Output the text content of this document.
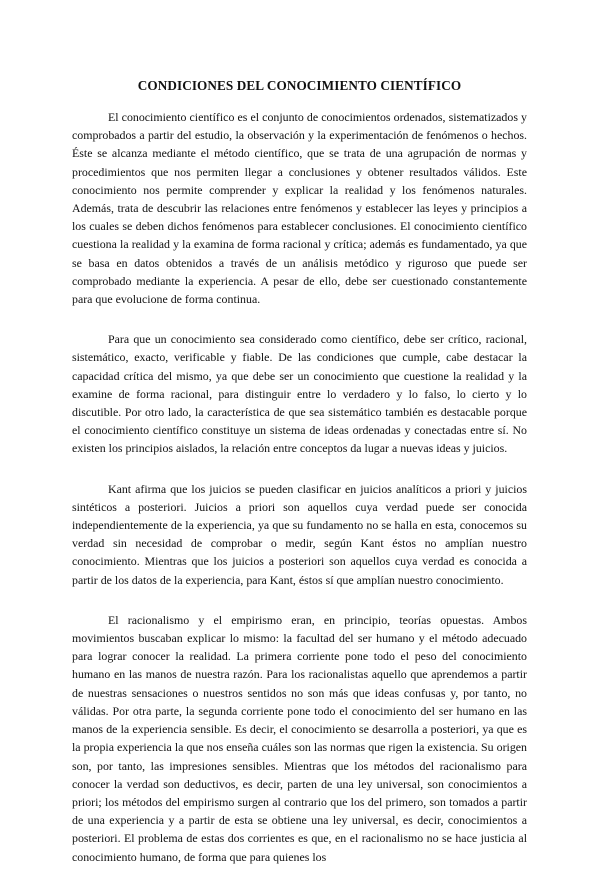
CONDICIONES DEL CONOCIMIENTO CIENTÍFICO

El conocimiento científico es el conjunto de conocimientos ordenados, sistematizados y comprobados a partir del estudio, la observación y la experimentación de fenómenos o hechos. Éste se alcanza mediante el método científico, que se trata de una agrupación de normas y procedimientos que nos permiten llegar a conclusiones y obtener resultados válidos. Este conocimiento nos permite comprender y explicar la realidad y los fenómenos naturales. Además, trata de descubrir las relaciones entre fenómenos y establecer las leyes y principios a los cuales se deben dichos fenómenos para establecer conclusiones. El conocimiento científico cuestiona la realidad y la examina de forma racional y crítica; además es fundamentado, ya que se basa en datos obtenidos a través de un análisis metódico y riguroso que puede ser comprobado mediante la experiencia. A pesar de ello, debe ser cuestionado constantemente para que evolucione de forma continua.

Para que un conocimiento sea considerado como científico, debe ser crítico, racional, sistemático, exacto, verificable y fiable. De las condiciones que cumple, cabe destacar la capacidad crítica del mismo, ya que debe ser un conocimiento que cuestione la realidad y la examine de forma racional, para distinguir entre lo verdadero y lo falso, lo cierto y lo discutible. Por otro lado, la característica de que sea sistemático también es destacable porque el conocimiento científico constituye un sistema de ideas ordenadas y conectadas entre sí. No existen los principios aislados, la relación entre conceptos da lugar a nuevas ideas y juicios.

Kant afirma que los juicios se pueden clasificar en juicios analíticos a priori y juicios sintéticos a posteriori. Juicios a priori son aquellos cuya verdad puede ser conocida independientemente de la experiencia, ya que su fundamento no se halla en esta, conocemos su verdad sin necesidad de comprobar o medir, según Kant éstos no amplían nuestro conocimiento. Mientras que los juicios a posteriori son aquellos cuya verdad es conocida a partir de los datos de la experiencia, para Kant, éstos sí que amplían nuestro conocimiento.

El racionalismo y el empirismo eran, en principio, teorías opuestas. Ambos movimientos buscaban explicar lo mismo: la facultad del ser humano y el método adecuado para lograr conocer la realidad. La primera corriente pone todo el peso del conocimiento humano en las manos de nuestra razón. Para los racionalistas aquello que aprendemos a partir de nuestras sensaciones o nuestros sentidos no son más que ideas confusas y, por tanto, no válidas. Por otra parte, la segunda corriente pone todo el conocimiento del ser humano en las manos de la experiencia sensible. Es decir, el conocimiento se desarrolla a posteriori, ya que es la propia experiencia la que nos enseña cuáles son las normas que rigen la existencia. Su origen son, por tanto, las impresiones sensibles. Mientras que los métodos del racionalismo para conocer la verdad son deductivos, es decir, parten de una ley universal, son conocimientos a priori; los métodos del empirismo surgen al contrario que los del primero, son tomados a partir de una experiencia y a partir de esta se obtiene una ley universal, es decir, conocimientos a posteriori. El problema de estas dos corrientes es que, en el racionalismo no se hace justicia al conocimiento humano, de forma que para quienes los
